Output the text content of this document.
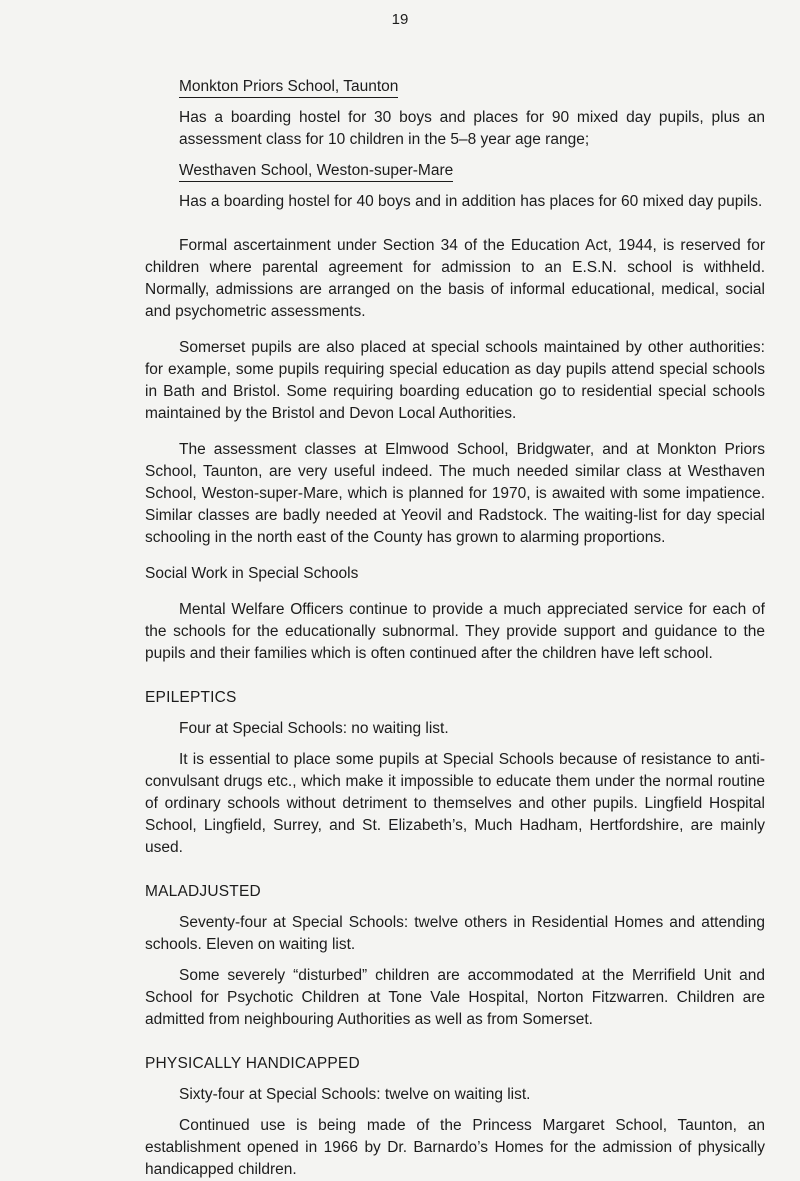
19
Monkton Priors School, Taunton

Has a boarding hostel for 30 boys and places for 90 mixed day pupils, plus an assessment class for 10 children in the 5–8 year age range;

Westhaven School, Weston-super-Mare

Has a boarding hostel for 40 boys and in addition has places for 60 mixed day pupils.

Formal ascertainment under Section 34 of the Education Act, 1944, is reserved for children where parental agreement for admission to an E.S.N. school is withheld. Normally, admissions are arranged on the basis of informal educational, medical, social and psychometric assessments.

Somerset pupils are also placed at special schools maintained by other authorities: for example, some pupils requiring special education as day pupils attend special schools in Bath and Bristol. Some requiring boarding education go to residential special schools maintained by the Bristol and Devon Local Authorities.

The assessment classes at Elmwood School, Bridgwater, and at Monkton Priors School, Taunton, are very useful indeed. The much needed similar class at Westhaven School, Weston-super-Mare, which is planned for 1970, is awaited with some impatience. Similar classes are badly needed at Yeovil and Radstock. The waiting-list for day special schooling in the north east of the County has grown to alarming proportions.

Social Work in Special Schools

Mental Welfare Officers continue to provide a much appreciated service for each of the schools for the educationally subnormal. They provide support and guidance to the pupils and their families which is often continued after the children have left school.

EPILEPTICS

Four at Special Schools: no waiting list.

It is essential to place some pupils at Special Schools because of resistance to anti-convulsant drugs etc., which make it impossible to educate them under the normal routine of ordinary schools without detriment to themselves and other pupils. Lingfield Hospital School, Lingfield, Surrey, and St. Elizabeth’s, Much Hadham, Hertfordshire, are mainly used.

MALADJUSTED

Seventy-four at Special Schools: twelve others in Residential Homes and attending schools. Eleven on waiting list.

Some severely “disturbed” children are accommodated at the Merrifield Unit and School for Psychotic Children at Tone Vale Hospital, Norton Fitzwarren. Children are admitted from neighbouring Authorities as well as from Somerset.

PHYSICALLY HANDICAPPED

Sixty-four at Special Schools: twelve on waiting list.

Continued use is being made of the Princess Margaret School, Taunton, an establishment opened in 1966 by Dr. Barnardo’s Homes for the admission of physically handicapped children.
